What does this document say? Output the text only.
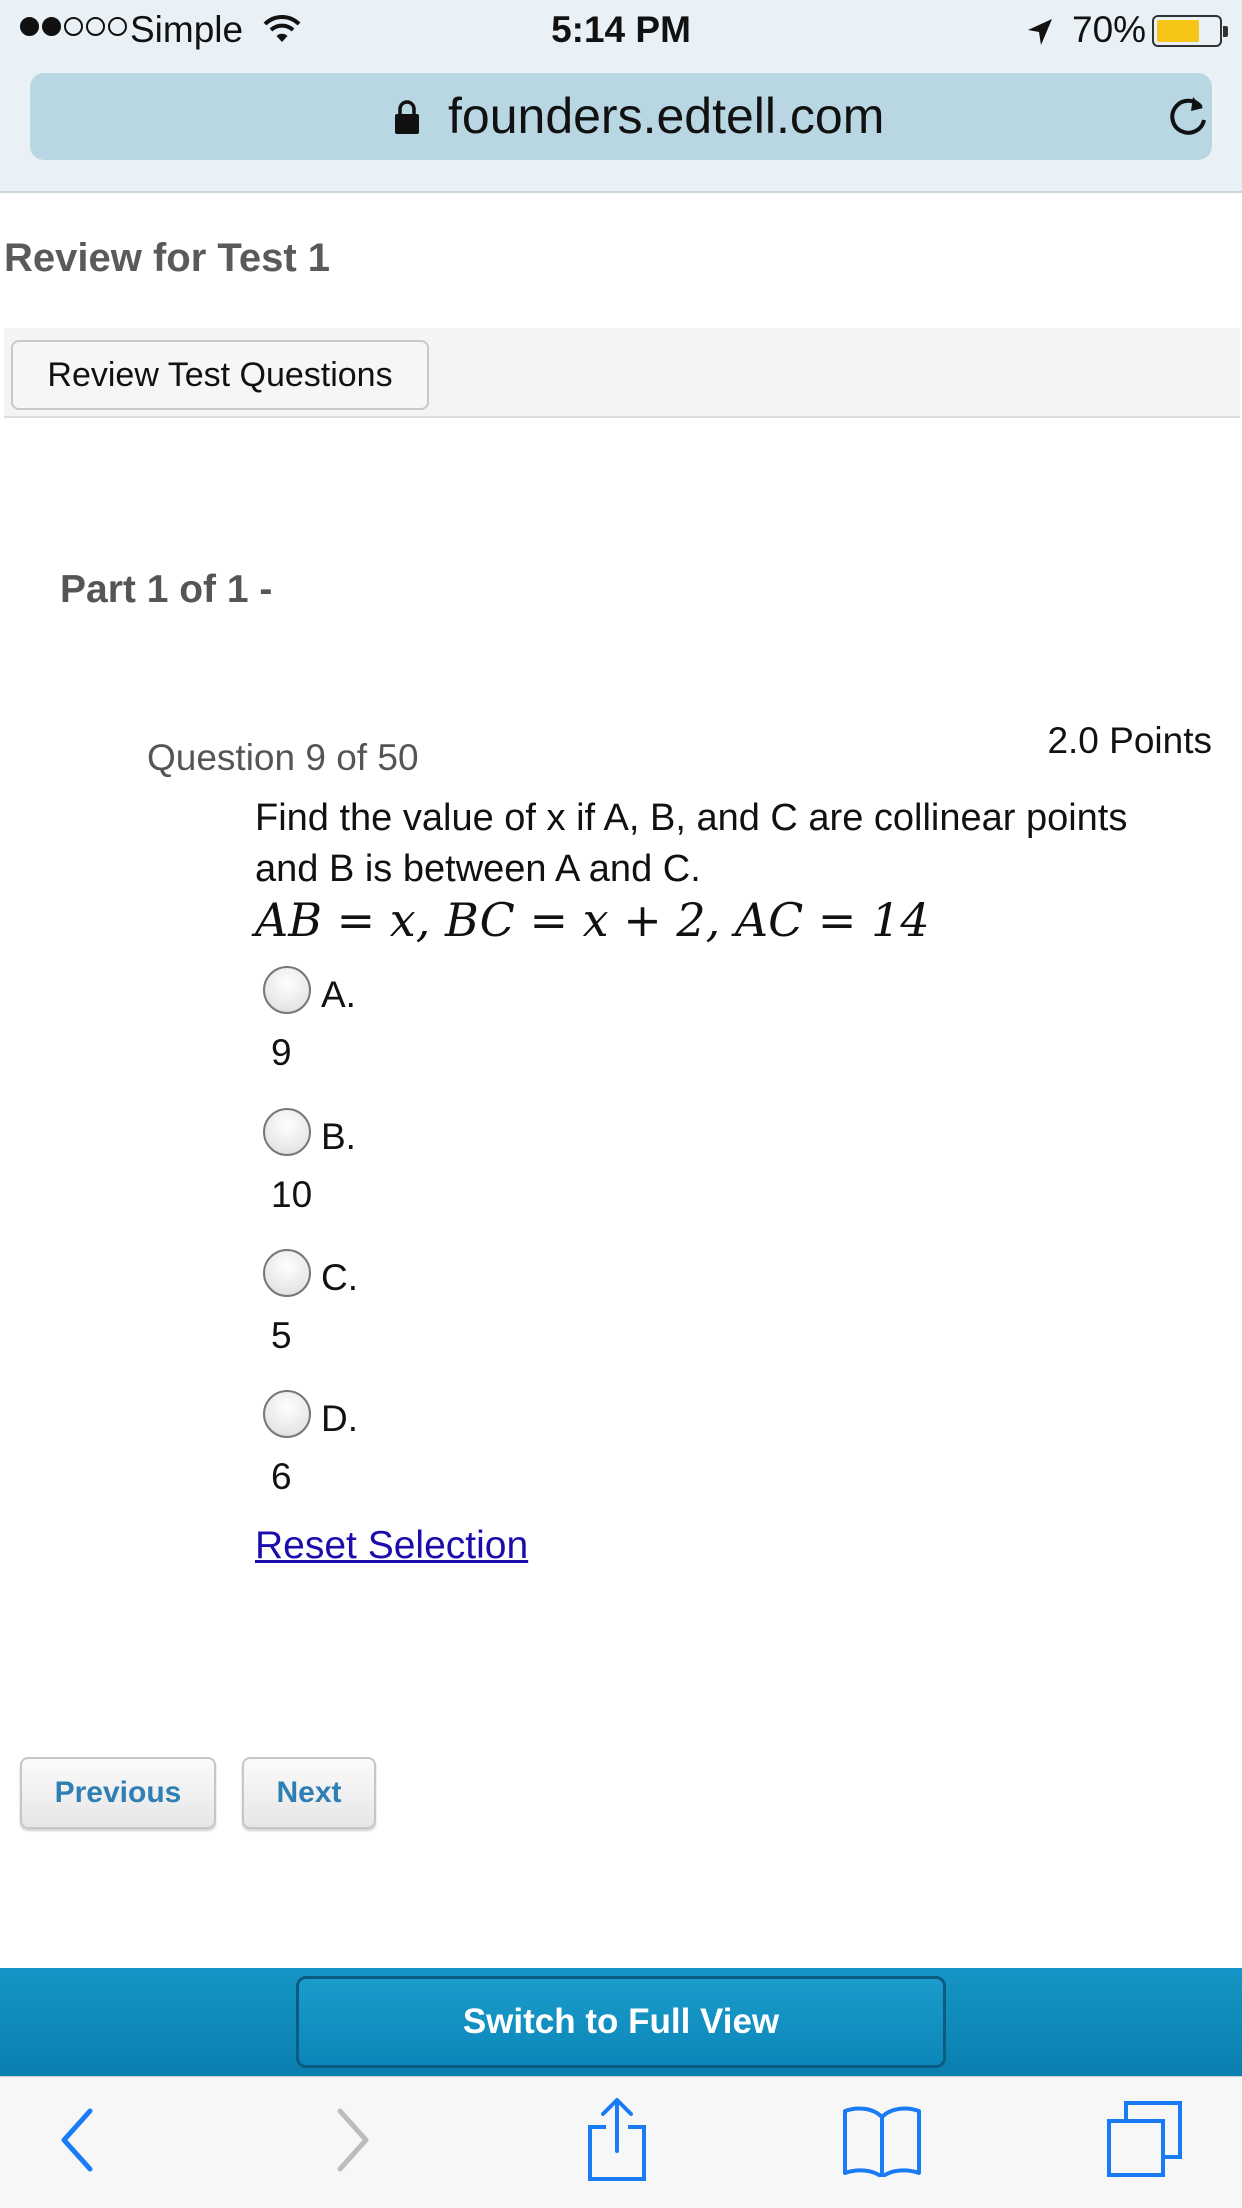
Simple	5:14 PM	70%
founders.edtell.com
Review for Test 1
Review Test Questions
Part 1 of 1 -
Question 9 of 50	2.0 Points
Find the value of x if A, B, and C are collinear points and B is between A and C.
AB = x, BC = x + 2, AC = 14
A.
9
B.
10
C.
5
D.
6
Reset Selection
Previous	Next
Switch to Full View
